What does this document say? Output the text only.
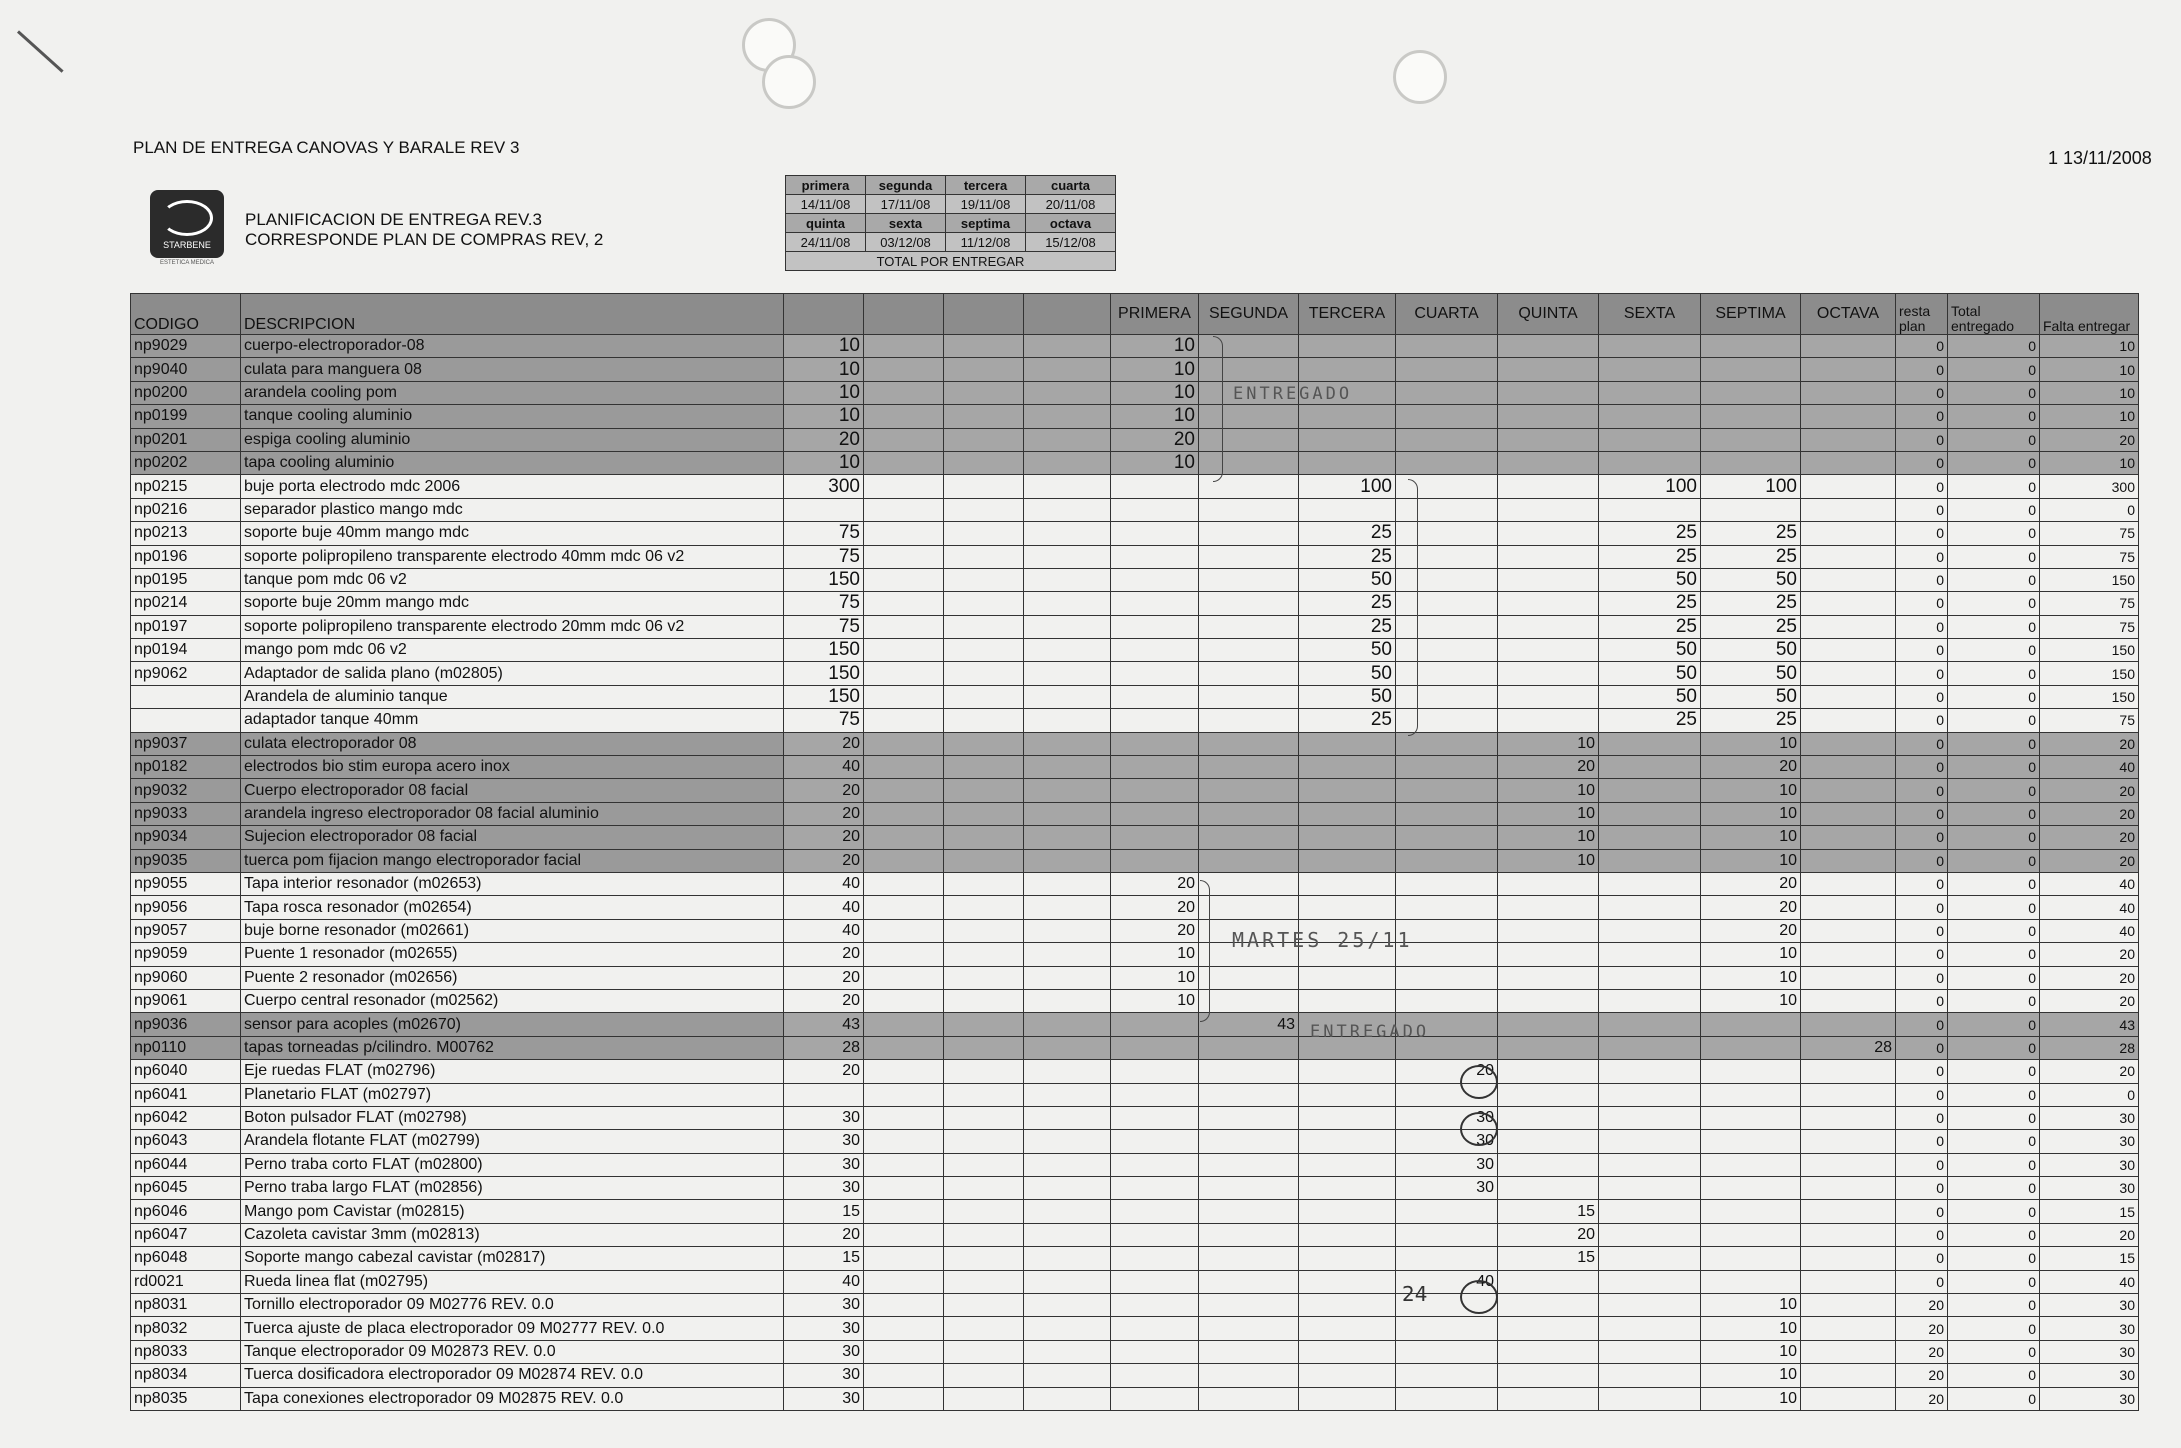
PLAN DE ENTREGA CANOVAS Y BARALE REV 3
1 13/11/2008
STARBENE
ESTETICA MEDICA
PLANIFICACION DE ENTREGA REV.3
CORRESPONDE PLAN DE COMPRAS REV, 2
primera	segunda	tercera	cuarta
14/11/08	17/11/08	19/11/08	20/11/08
quinta	sexta	septima	octava
24/11/08	03/12/08	11/12/08	15/12/08
TOTAL POR ENTREGAR			
CODIGO	DESCRIPCION					PRIMERA	SEGUNDA	TERCERA	CUARTA	QUINTA	SEXTA	SEPTIMA	OCTAVA	resta plan	Total entregado	Falta entregar
np9029	cuerpo-electroporador-08	10				10								0	0	10
np9040	culata para manguera 08	10				10								0	0	10
np0200	arandela cooling pom	10				10								0	0	10
np0199	tanque cooling aluminio	10				10								0	0	10
np0201	espiga cooling aluminio	20				20								0	0	20
np0202	tapa cooling aluminio	10				10								0	0	10
np0215	buje porta electrodo mdc 2006	300						100			100	100		0	0	300
np0216	separador plastico mango mdc													0	0	0
np0213	soporte buje 40mm mango mdc	75						25			25	25		0	0	75
np0196	soporte polipropileno transparente electrodo 40mm mdc 06 v2	75						25			25	25		0	0	75
np0195	tanque pom mdc 06 v2	150						50			50	50		0	0	150
np0214	soporte buje 20mm mango mdc	75						25			25	25		0	0	75
np0197	soporte polipropileno transparente electrodo 20mm mdc 06 v2	75						25			25	25		0	0	75
np0194	mango pom mdc 06 v2	150						50			50	50		0	0	150
np9062	Adaptador de salida plano (m02805)	150						50			50	50		0	0	150
	Arandela de aluminio tanque	150						50			50	50		0	0	150
	adaptador tanque 40mm	75						25			25	25		0	0	75
np9037	culata electroporador 08	20								10		10		0	0	20
np0182	electrodos bio stim europa acero inox	40								20		20		0	0	40
np9032	Cuerpo electroporador 08 facial	20								10		10		0	0	20
np9033	arandela ingreso electroporador 08 facial aluminio	20								10		10		0	0	20
np9034	Sujecion electroporador 08 facial	20								10		10		0	0	20
np9035	tuerca pom fijacion mango electroporador facial	20								10		10		0	0	20
np9055	Tapa interior resonador (m02653)	40				20						20		0	0	40
np9056	Tapa rosca resonador (m02654)	40				20						20		0	0	40
np9057	buje borne resonador (m02661)	40				20						20		0	0	40
np9059	Puente 1 resonador (m02655)	20				10						10		0	0	20
np9060	Puente 2 resonador (m02656)	20				10						10		0	0	20
np9061	Cuerpo central resonador (m02562)	20				10						10		0	0	20
np9036	sensor para acoples (m02670)	43					43							0	0	43
np0110	tapas torneadas p/cilindro. M00762	28											28	0	0	28
np6040	Eje ruedas FLAT (m02796)	20							20					0	0	20
np6041	Planetario FLAT (m02797)													0	0	0
np6042	Boton pulsador FLAT (m02798)	30							30					0	0	30
np6043	Arandela flotante FLAT (m02799)	30							30					0	0	30
np6044	Perno traba corto FLAT (m02800)	30							30					0	0	30
np6045	Perno traba largo FLAT (m02856)	30							30					0	0	30
np6046	Mango pom Cavistar (m02815)	15								15				0	0	15
np6047	Cazoleta cavistar 3mm (m02813)	20								20				0	0	20
np6048	Soporte mango cabezal cavistar (m02817)	15								15				0	0	15
rd0021	Rueda linea flat (m02795)	40							40					0	0	40
np8031	Tornillo electroporador 09 M02776 REV. 0.0	30										10		20	0	30
np8032	Tuerca ajuste de placa electroporador 09 M02777 REV. 0.0	30										10		20	0	30
np8033	Tanque electroporador 09 M02873 REV. 0.0	30										10		20	0	30
np8034	Tuerca dosificadora electroporador 09 M02874 REV. 0.0	30										10		20	0	30
np8035	Tapa conexiones electroporador 09 M02875 REV. 0.0	30										10		20	0	30
ENTREGADO
MARTES 25/11
ENTREGADO
24
